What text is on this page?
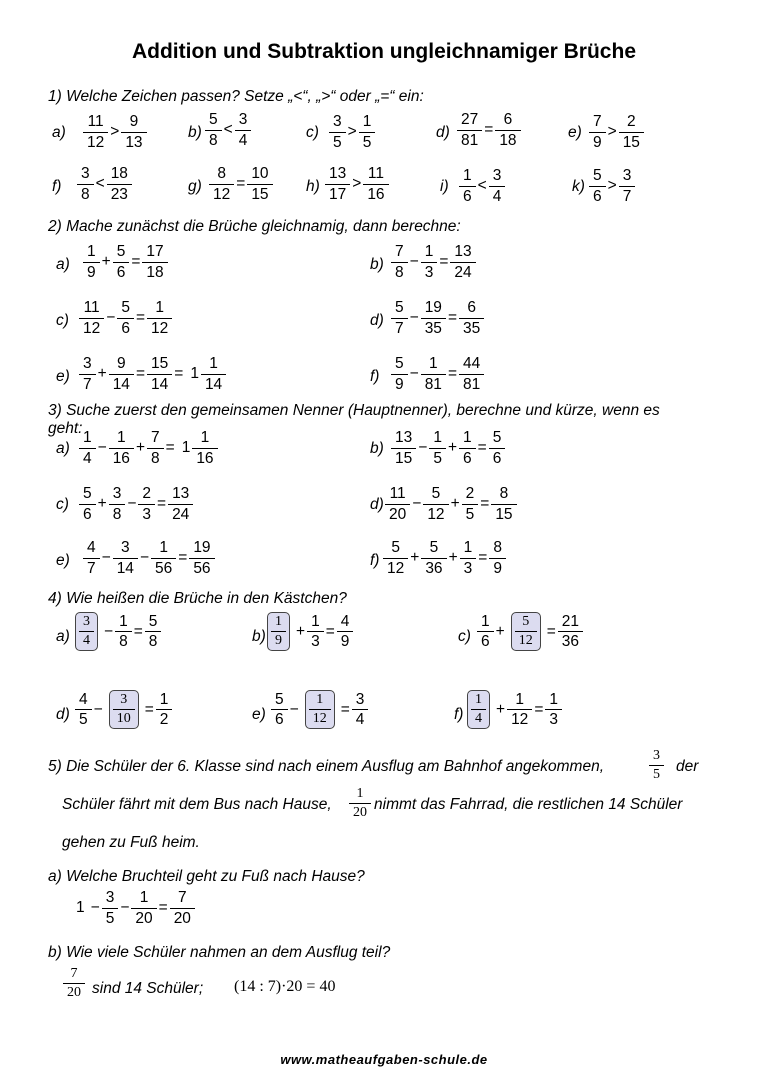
Addition und Subtraktion ungleichnamiger Brüche
1) Welche Zeichen passen? Setze „<“, „>“ oder „=“ ein:
$a) \frac{11}{12} > \frac{9}{13}$	$b) \frac{5}{8} < \frac{3}{4}$	$c) \frac{3}{5} > \frac{1}{5}$	$d) \frac{27}{81} = \frac{6}{18}$	$e) \frac{7}{9} > \frac{2}{15}$
$f) \frac{3}{8} < \frac{18}{23}$	$g) \frac{8}{12} = \frac{10}{15} h) \frac{13}{17} > \frac{11}{16}$	$i) \frac{1}{6} < \frac{3}{4}$	$k) \frac{5}{6} > \frac{3}{7}$
2) Mache zunächst die Brüche gleichnamig, dann berechne:
$a) \frac{1}{9} + \frac{5}{6} = \frac{17}{18}$	$b) \frac{7}{8} - \frac{1}{3} = \frac{13}{24}$
$c) \frac{11}{12} - \frac{5}{6} = \frac{1}{12}$	$d) \frac{5}{7} - \frac{19}{35} = \frac{6}{35}$
$e) \frac{3}{7} + \frac{9}{14} = \frac{15}{14} = 1 \frac{1}{14}$	$f) \frac{5}{9} - \frac{1}{81} = \frac{44}{81}$
3) Suche zuerst den gemeinsamen Nenner (Hauptnenner), berechne und kürze, wenn es
geht:
$a) \frac{1}{4} - \frac{1}{16} + \frac{7}{8} = 1 \frac{1}{16}$	$b) \frac{13}{15} - \frac{1}{5} + \frac{1}{6} = \frac{5}{6}$
$c) \frac{5}{6} + \frac{3}{8} - \frac{2}{3} = \frac{13}{24}$	$d) \frac{11}{20} - \frac{5}{12} + \frac{2}{5} = \frac{8}{15}$
$e) \frac{4}{7} - \frac{3}{14} - \frac{1}{56} = \frac{19}{56}$	$f) \frac{5}{12} + \frac{5}{36} + \frac{1}{3} = \frac{8}{9}$
4) Wie heißen die Brüche in den Kästchen?
$a) \frac{3}{4} - \frac{1}{8} = \frac{5}{8}$	$b) \frac{1}{9} + \frac{1}{3} = \frac{4}{9}$	$c) \frac{1}{6} + \frac{5}{12} = \frac{21}{36}$
$d) \frac{4}{5} - \frac{3}{10} = \frac{1}{2}$	$e) \frac{5}{6} - \frac{1}{12} = \frac{3}{4}$	$f) \frac{1}{4} + \frac{1}{12} = \frac{1}{3}$
5) Die Schüler der 6. Klasse sind nach einem Ausflug am Bahnhof angekommen,	$\frac{3}{5}$ der
Schüler fährt mit dem Bus nach Hause, $\frac{1}{20}$ nimmt das Fahrrad, die restlichen 14 Schüler
gehen zu Fuß heim.
a) Welche Bruchteil geht zu Fuß nach Hause?
$1 - \frac{3}{5} - \frac{1}{20} = \frac{7}{20}$
b) Wie viele Schüler nahmen an dem Ausflug teil?
$\frac{7}{20}$ sind 14 Schüler; (14 : 7)·20 = 40
www.matheaufgaben-schule.de
